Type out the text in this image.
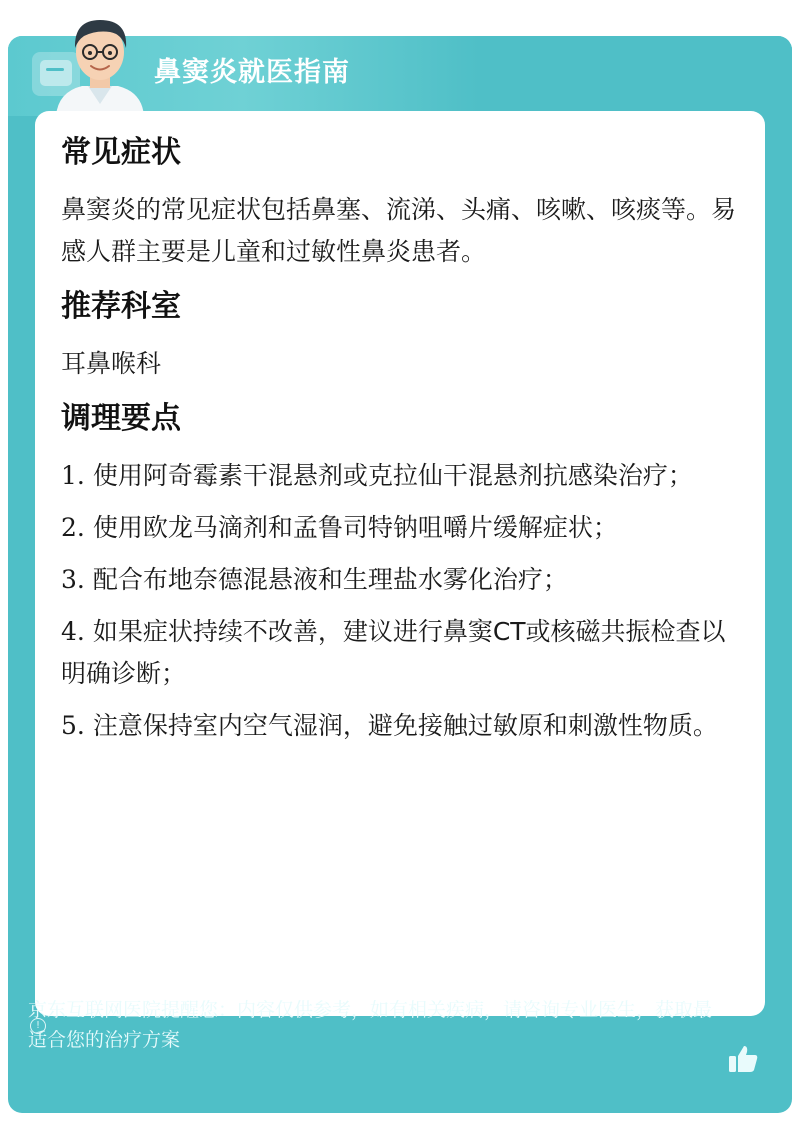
鼻窦炎就医指南
常见症状

鼻窦炎的常见症状包括鼻塞、流涕、头痛、咳嗽、咳痰等。易感人群主要是儿童和过敏性鼻炎患者。

推荐科室

耳鼻喉科

调理要点
1. 使用阿奇霉素干混悬剂或克拉仙干混悬剂抗感染治疗；
2. 使用欧龙马滴剂和孟鲁司特钠咀嚼片缓解症状；
3. 配合布地奈德混悬液和生理盐水雾化治疗；
4. 如果症状持续不改善，建议进行鼻窦CT或核磁共振检查以明确诊断；
5. 注意保持室内空气湿润，避免接触过敏原和刺激性物质。
!
京东互联网医院提醒您：内容仅供参考，如有相关疾病，请咨询专业医生，获取最适合您的治疗方案
